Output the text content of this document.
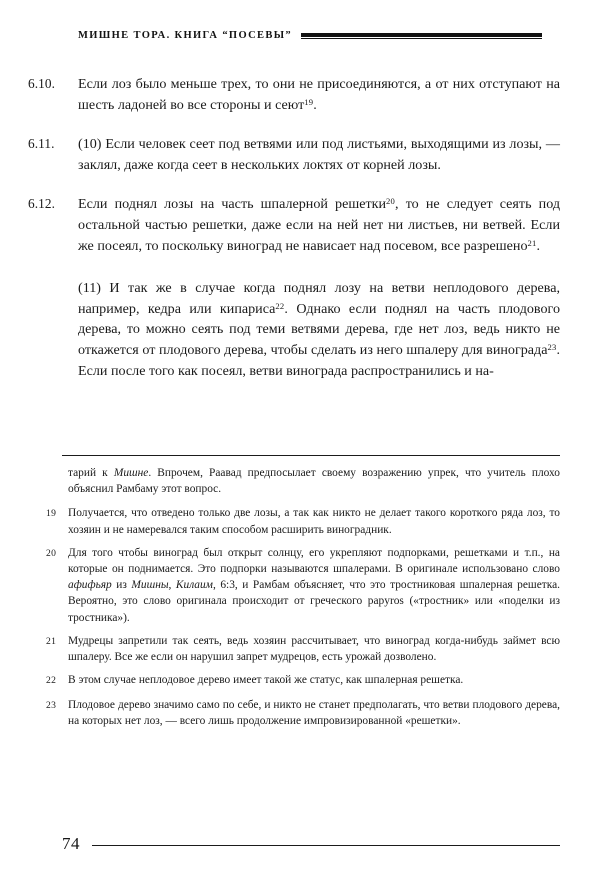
МИШНЕ ТОРА. КНИГА “ПОСЕВЫ”
6.10.	Если лоз было меньше трех, то они не присоединяются, а от них отступают на шесть ладоней во все стороны и сеют$^{19}$.
6.11.	(10) Если человек сеет под ветвями или под листьями, выходящими из лозы, — заклял, даже когда сеет в нескольких локтях от корней лозы.
6.12.	Если поднял лозы на часть шпалерной решетки$^{20}$, то не следует сеять под остальной частью решетки, даже если на ней нет ни листьев, ни ветвей. Если же посеял, то поскольку виноград не нависает над посевом, все разрешено$^{21}$.
(11) И так же в случае когда поднял лозу на ветви неплодового дерева, например, кедра или кипариса$^{22}$. Однако если поднял на часть плодового дерева, то можно сеять под теми ветвями дерева, где нет лоз, ведь никто не откажется от плодового дерева, чтобы сделать из него шпалеру для винограда$^{23}$. Если после того как посеял, ветви винограда распространились и на-
тарий к Мишне. Впрочем, Раавад предпосылает своему возражению упрек, что учитель плохо объяснил Рамбаму этот вопрос.
19	Получается, что отведено только две лозы, а так как никто не делает такого короткого ряда лоз, то хозяин и не намеревался таким способом расширить виноградник.
20	Для того чтобы виноград был открыт солнцу, его укрепляют подпорками, решетками и т.п., на которые он поднимается. Это подпорки называются шпалерами. В оригинале использовано слово афифьяр из Мишны, Килаим, 6:3, и Рамбам объясняет, что это тростниковая шпалерная решетка. Вероятно, это слово оригинала происходит от греческого papyros («тростник» или «поделки из тростника»).
21	Мудрецы запретили так сеять, ведь хозяин рассчитывает, что виноград когда-нибудь займет всю шпалеру. Все же если он нарушил запрет мудрецов, есть урожай дозволено.
22	В этом случае неплодовое дерево имеет такой же статус, как шпалерная решетка.
23	Плодовое дерево значимо само по себе, и никто не станет предполагать, что ветви плодового дерева, на которых нет лоз, — всего лишь продолжение импровизированной «решетки».
74
